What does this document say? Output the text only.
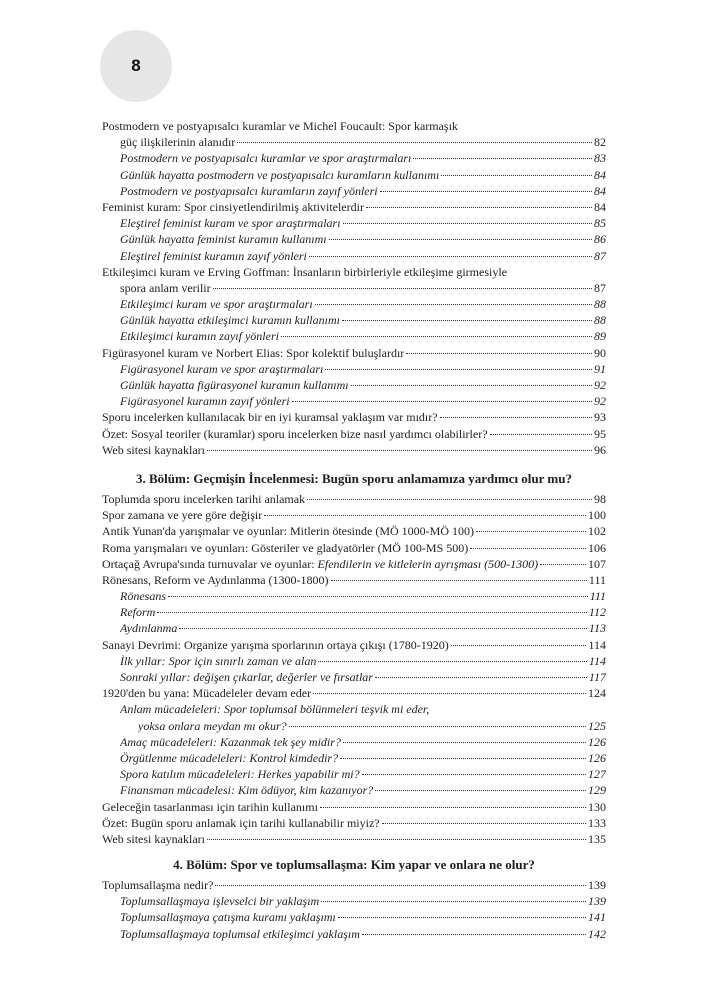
8
Postmodern ve postyapısalcı kuramlar ve Michel Foucault: Spor karmaşık
güç ilişkilerinin alanıdır	82
Postmodern ve postyapısalcı kuramlar ve spor araştırmaları	83
Günlük hayatta postmodern ve postyapısalcı kuramların kullanımı	84
Postmodern ve postyapısalcı kuramların zayıf yönleri	84
Feminist kuram: Spor cinsiyetlendirilmiş aktivitelerdir	84
Eleştirel feminist kuram ve spor araştırmaları	85
Günlük hayatta feminist kuramın kullanımı	86
Eleştirel feminist kuramın zayıf yönleri	87
Etkileşimci kuram ve Erving Goffman: İnsanların birbirleriyle etkileşime girmesiyle
spora anlam verilir	87
Etkileşimci kuram ve spor araştırmaları	88
Günlük hayatta etkileşimci kuramın kullanımı	88
Etkileşimci kuramın zayıf yönleri	89
Figürasyonel kuram ve Norbert Elias: Spor kolektif buluşlardır	90
Figürasyonel kuram ve spor araştırmaları	91
Günlük hayatta figürasyonel kuramın kullanımı	92
Figürasyonel kuramın zayıf yönleri	92
Sporu incelerken kullanılacak bir en iyi kuramsal yaklaşım var mıdır?	93
Özet: Sosyal teoriler (kuramlar) sporu incelerken bize nasıl yardımcı olabilirler?	95
Web sitesi kaynakları	96
3. Bölüm: Geçmişin İncelenmesi: Bugün sporu anlamamıza yardımcı olur mu?
Toplumda sporu incelerken tarihi anlamak	98
Spor zamana ve yere göre değişir	100
Antik Yunan'da yarışmalar ve oyunlar: Mitlerin ötesinde (MÖ 1000-MÖ 100)	102
Roma yarışmaları ve oyunları: Gösteriler ve gladyatörler (MÖ 100-MS 500)	106
Ortaçağ Avrupa'sında turnuvalar ve oyunlar: Efendilerin ve kitlelerin ayrışması (500-1300)	107
Rönesans, Reform ve Aydınlanma (1300-1800)	111
Rönesans	111
Reform	112
Aydınlanma	113
Sanayi Devrimi: Organize yarışma sporlarının ortaya çıkışı (1780-1920)	114
İlk yıllar: Spor için sınırlı zaman ve alan	114
Sonraki yıllar: değişen çıkarlar, değerler ve fırsatlar	117
1920'den bu yana: Mücadeleler devam eder	124
Anlam mücadeleleri: Spor toplumsal bölünmeleri teşvik mi eder,
yoksa onlara meydan mı okur?	125
Amaç mücadeleleri: Kazanmak tek şey midir?	126
Örgütlenme mücadeleleri: Kontrol kimdedir?	126
Spora katılım mücadeleleri: Herkes yapabilir mi?	127
Finansman mücadelesi: Kim ödüyor, kim kazanıyor?	129
Geleceğin tasarlanması için tarihin kullanımı	130
Özet: Bugün sporu anlamak için tarihi kullanabilir miyiz?	133
Web sitesi kaynakları	135
4. Bölüm: Spor ve toplumsallaşma: Kim yapar ve onlara ne olur?
Toplumsallaşma nedir?	139
Toplumsallaşmaya işlevselci bir yaklaşım	139
Toplumsallaşmaya çatışma kuramı yaklaşımı	141
Toplumsallaşmaya toplumsal etkileşimci yaklaşım	142
